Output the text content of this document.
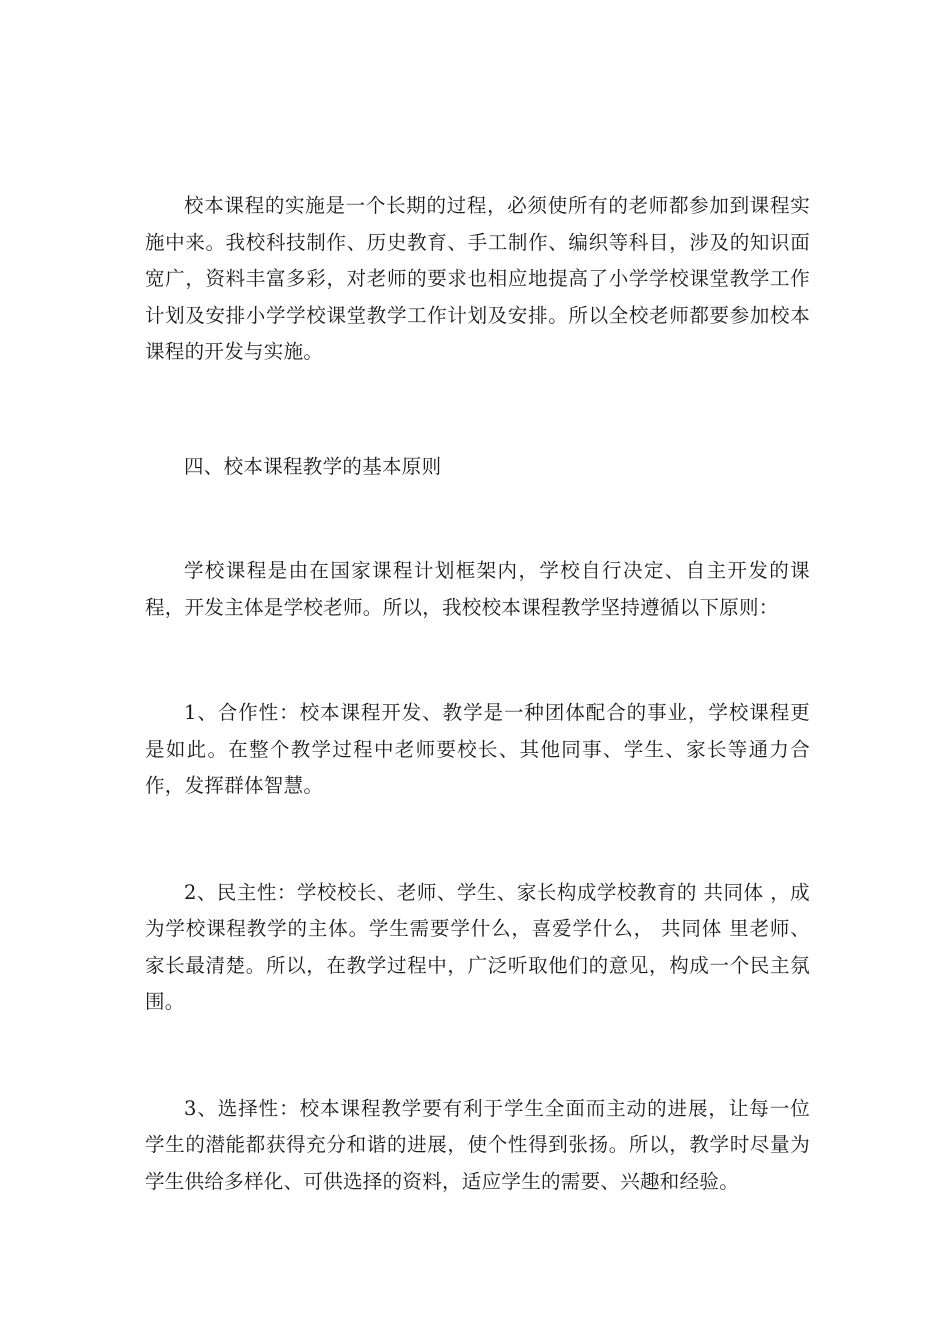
校本课程的实施是一个长期的过程，必须使所有的老师都参加到课程实施中来。我校科技制作、历史教育、手工制作、编织等科目，涉及的知识面宽广，资料丰富多彩，对老师的要求也相应地提高了小学学校课堂教学工作计划及安排小学学校课堂教学工作计划及安排。所以全校老师都要参加校本课程的开发与实施。

四、校本课程教学的基本原则

学校课程是由在国家课程计划框架内，学校自行决定、自主开发的课程，开发主体是学校老师。所以，我校校本课程教学坚持遵循以下原则：

1、合作性：校本课程开发、教学是一种团体配合的事业，学校课程更是如此。在整个教学过程中老师要校长、其他同事、学生、家长等通力合作，发挥群体智慧。

2、民主性：学校校长、老师、学生、家长构成学校教育的 共同体 ，成为学校课程教学的主体。学生需要学什么，喜爱学什么， 共同体 里老师、家长最清楚。所以，在教学过程中，广泛听取他们的意见，构成一个民主氛围。

3、选择性：校本课程教学要有利于学生全面而主动的进展，让每一位学生的潜能都获得充分和谐的进展，使个性得到张扬。所以，教学时尽量为学生供给多样化、可供选择的资料，适应学生的需要、兴趣和经验。
